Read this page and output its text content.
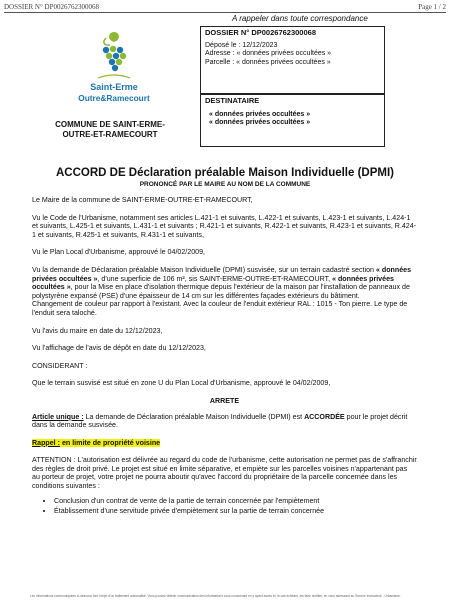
DOSSIER N° DP0026762300068	Page 1 / 2
A rappeler dans toute correspondance
DOSSIER N° DP0026762300068
Déposé le : 12/12/2023
Adresse : « données privées occultées »
Parcelle : « données privées occultées »
DESTINATAIRE
« données privées occultées »
« données privées occultées »
Saint-Erme
Outre&Ramecourt
COMMUNE DE SAINT-ERME-
OUTRE-ET-RAMECOURT
ACCORD DE Déclaration préalable Maison Individuelle (DPMI)
PRONONCÉ PAR LE MAIRE AU NOM DE LA COMMUNE

Le Maire de la commune de SAINT-ERME-OUTRE-ET-RAMECOURT,

Vu le Code de l'Urbanisme, notamment ses articles L.421-1 et suivants, L.422-1 et suivants, L.423-1 et suivants, L.424-1 et suivants, L.425-1 et suivants, L.431-1 et suivants ; R.421-1 et suivants, R.422-1 et suivants, R.423-1 et suivants, R.424-1 et suivants, R.425-1 et suivants, R.431-1 et suivants,

Vu le Plan Local d'Urbanisme, approuvé le 04/02/2009,

Vu la demande de Déclaration préalable Maison Individuelle (DPMI) susvisée, sur un terrain cadastré section « données privées occultées », d'une superficie de 106 m², sis SAINT-ERME-OUTRE-ET-RAMECOURT, « données privées occultées », pour la Mise en place d'isolation thermique depuis l'extérieur de la maison par l'installation de panneaux de polystyrène expansé (PSE) d'une épaisseur de 14 cm sur les différentes façades extérieurs du bâtiment.
Changement de couleur par rapport à l'existant. Avec la couleur de l'enduit extérieur RAL : 1015 - Ton pierre. Le type de l'enduit sera taloché.

Vu l'avis du maire en date du 12/12/2023,

Vu l'affichage de l'avis de dépôt en date du 12/12/2023,

CONSIDERANT :

Que le terrain susvisé est situé en zone U du Plan Local d'Urbanisme, approuvé le 04/02/2009,

ARRETE

Article unique : La demande de Déclaration préalable Maison Individuelle (DPMI) est ACCORDÉE pour le projet décrit dans la demande susvisée.

Rappel : en limite de propriété voisine

ATTENTION : L'autorisation est délivrée au regard du code de l'urbanisme, cette autorisation ne permet pas de s'affranchir des règles de droit privé. Le projet est situé en limite séparative, et empiète sur les parcelles voisines n'appartenant pas au porteur de projet, votre projet ne pourra aboutir qu'avec l'accord du propriétaire de la parcelle concernée dans les conditions suivantes :
• Conclusion d'un contrat de vente de la partie de terrain concernée par l'empiètement
• Établissement d'une servitude privée d'empiètement sur la partie de terrain concernée
Les informations communiquées ci-dessous font l'objet d'un traitement automatisé. Vous pouvez obtenir communication des informations vous concernant en y ayant accès et, le cas échéant, les faire rectifier, en vous adressant au Service Instructeur - Urbanisme.
